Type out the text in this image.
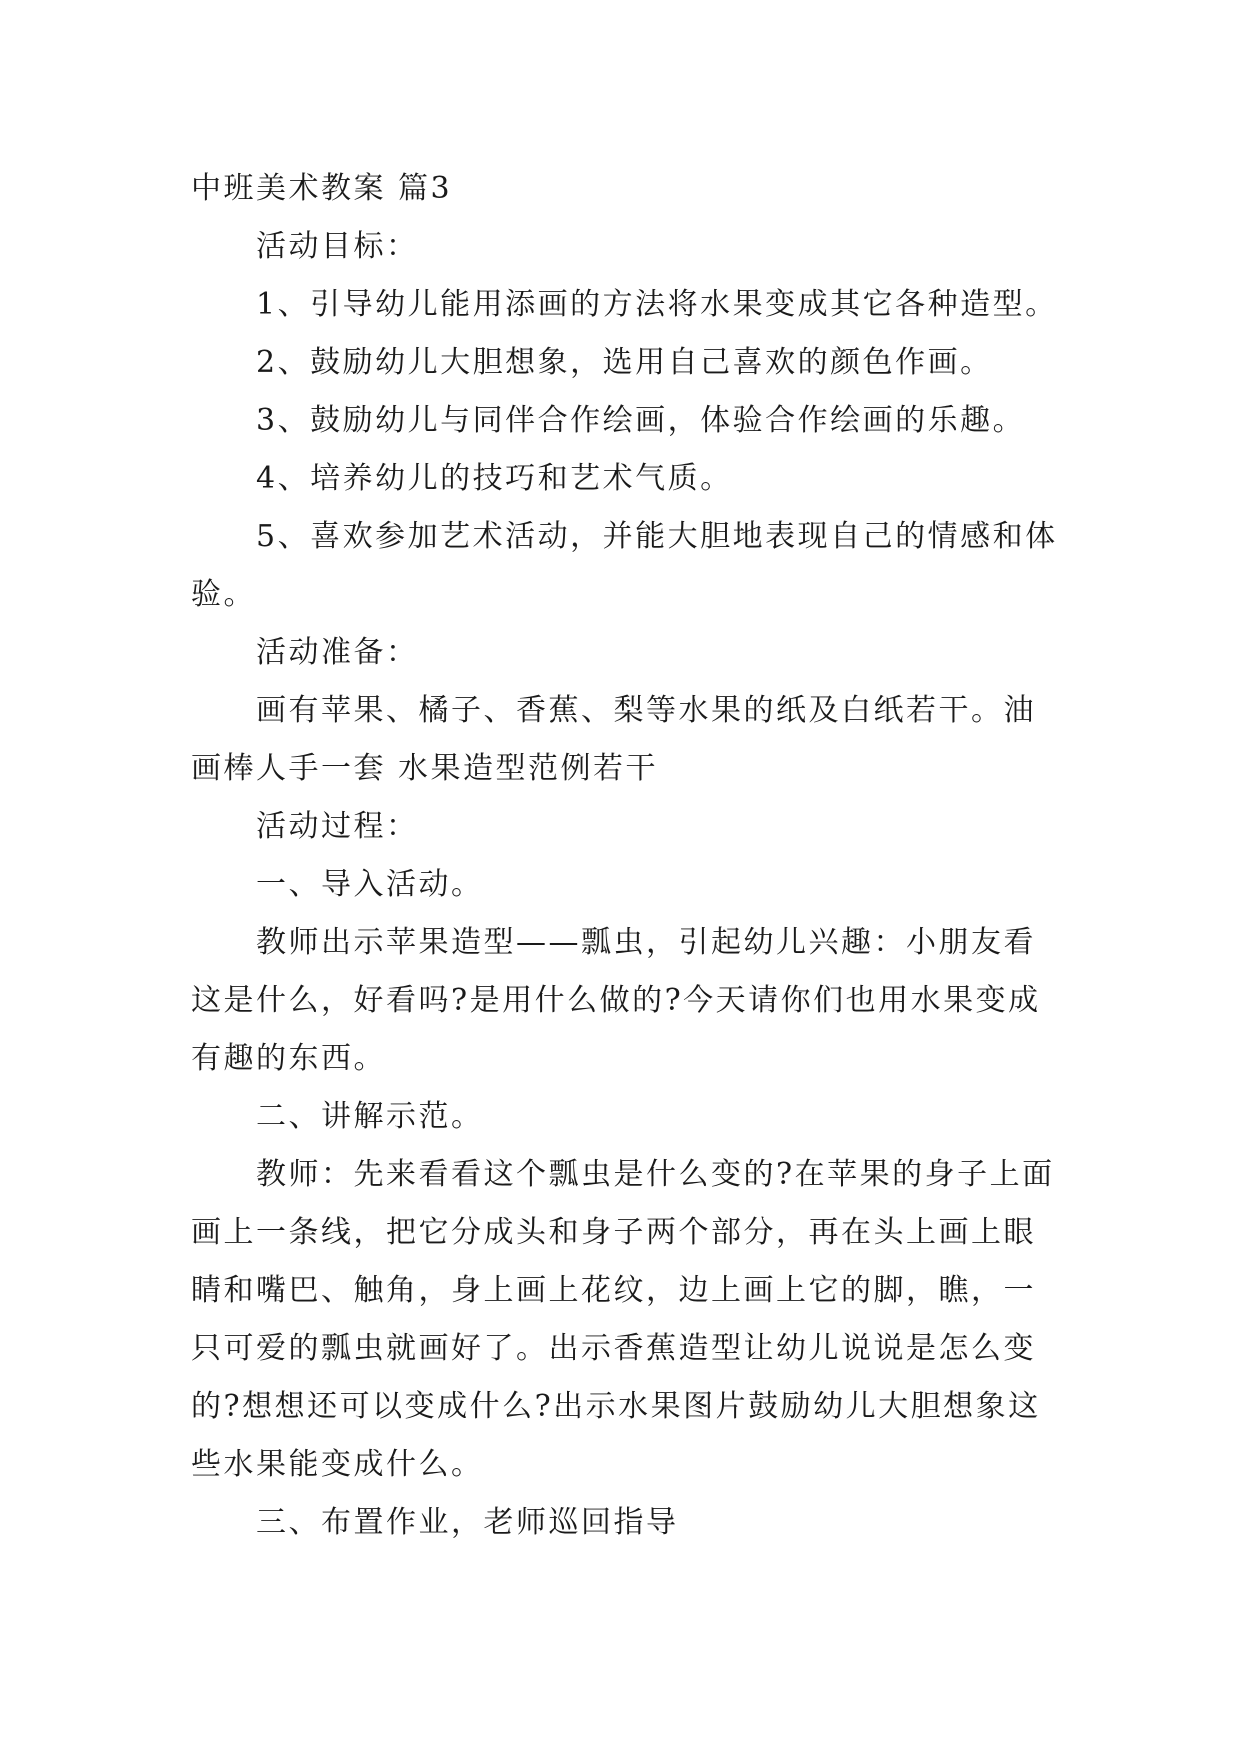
中班美术教案 篇3
活动目标：
1、引导幼儿能用添画的方法将水果变成其它各种造型。
2、鼓励幼儿大胆想象，选用自己喜欢的颜色作画。
3、鼓励幼儿与同伴合作绘画，体验合作绘画的乐趣。
4、培养幼儿的技巧和艺术气质。
5、喜欢参加艺术活动，并能大胆地表现自己的情感和体验。
活动准备：
画有苹果、橘子、香蕉、梨等水果的纸及白纸若干。油画棒人手一套 水果造型范例若干
活动过程：
一、导入活动。
教师出示苹果造型——瓢虫，引起幼儿兴趣：小朋友看这是什么，好看吗?是用什么做的?今天请你们也用水果变成有趣的东西。
二、讲解示范。
教师：先来看看这个瓢虫是什么变的?在苹果的身子上面画上一条线，把它分成头和身子两个部分，再在头上画上眼睛和嘴巴、触角，身上画上花纹，边上画上它的脚，瞧，一只可爱的瓢虫就画好了。出示香蕉造型让幼儿说说是怎么变的?想想还可以变成什么?出示水果图片鼓励幼儿大胆想象这些水果能变成什么。
三、布置作业，老师巡回指导
